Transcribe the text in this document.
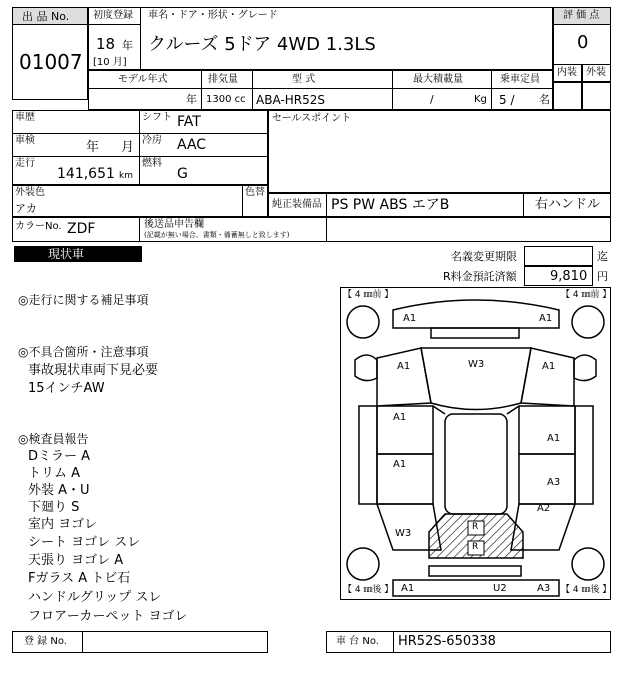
出 品 No.
01007
初度登録 車名・ドア・形状・グレード
18 年
[10 月]
クルーズ 5ドア 4WD 1.3LS
評 価 点
0
内装 外装
モデル年式	排気量	型 式	最大積載量	乗車定員
年 1300 cc ABA-HR52S	/	Kg 5 / 名
車歴	シフト FAT
車検	年 月 冷房 AAC
走行
141,651 km
燃料
G
セールスポイント
外装色
アカ
色替
純正装備品 PS PW ABS エアB	右ハンドル
カラーNo. ZDF	後送品申告欄
(記載が無い場合、書類・備蓄無しと致します)
現状車	名義変更期限	迄
R料金預託済額	9,810 円
◎走行に関する補足事項
◎不具合箇所・注意事項
事故現状車両下見必要
15インチAW
◎検査員報告
Dミラー A
トリム A
外装 A・U
下廻り S
室内 ヨゴレ
シート ヨゴレ スレ
天張り ヨゴレ A
Fガラス A トビ石
ハンドルグリップ スレ
フロアーカーペット ヨゴレ
【 4 ㎜前 】	【 4 ㎜前 】
【 4 ㎜後 】	【 4 ㎜後 】
A1	A1
A1	W3	A1
A1
A1
A1
A3
A2
W3
R
R
A1	U2	A3
登 録 No.	車 台 No. HR52S-650338
